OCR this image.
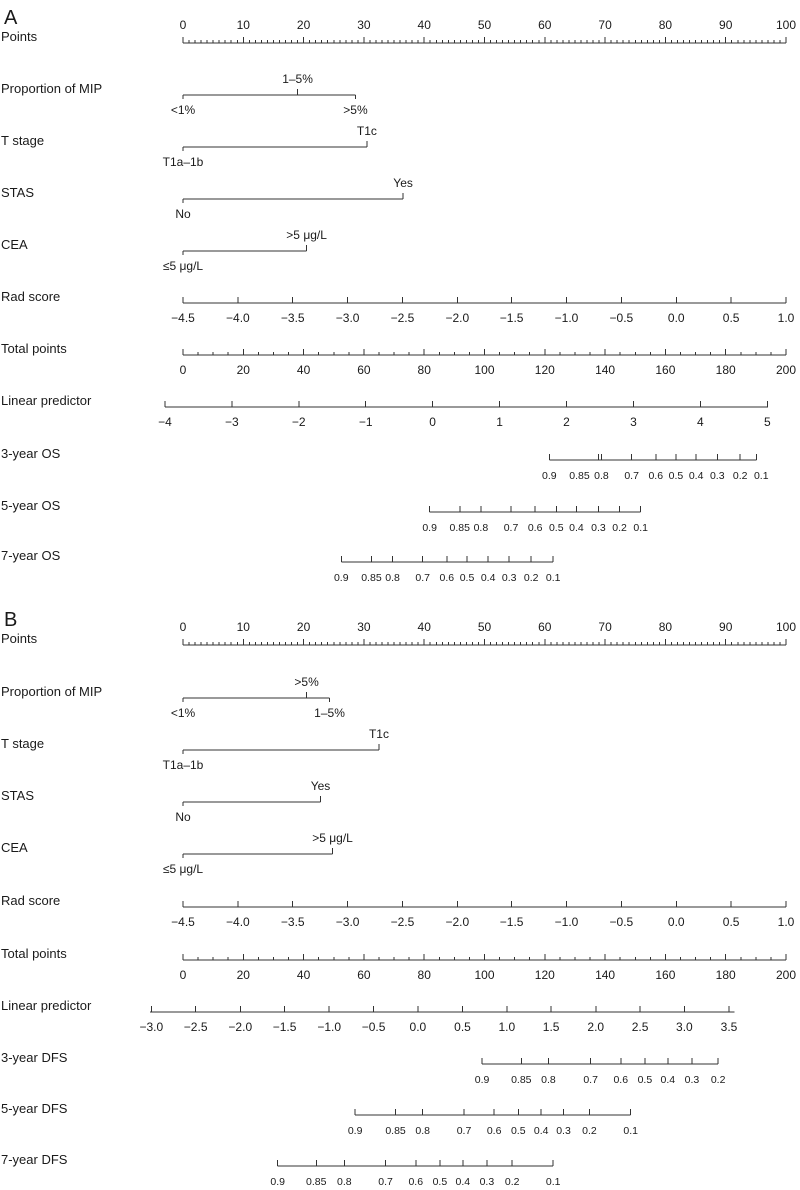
A
B
Points
0	10	20	30	40	50	60	70	80	90	100
Proportion of MIP
<1%
1–5%
>5%
T stage
T1a–1b
T1c
STAS
No
Yes
CEA
≤5 μg/L
>5 μg/L
Rad score
−4.5	−4.0	−3.5	−3.0	−2.5	−2.0	−1.5	−1.0	−0.5	0.0	0.5	1.0
Total points
0	20	40	60	80	100	120	140	160	180	200
Linear predictor
−4	−3	−2	−1	0	1	2	3	4	5
3-year OS
0.9 0.85 0.8 0.7 0.6 0.5 0.4 0.3 0.2 0.1
5-year OS
0.9 0.85 0.8 0.7 0.6 0.5 0.4 0.3 0.2 0.1
7-year OS
0.9 0.85 0.8 0.7 0.6 0.5 0.4 0.3 0.2 0.1
Points
0	10	20	30	40	50	60	70	80	90	100
Proportion of MIP
<1%
>5%
1–5%
T stage
T1a–1b
T1c
STAS
No
Yes
CEA
≤5 μg/L
>5 μg/L
Rad score
−4.5	−4.0	−3.5	−3.0	−2.5	−2.0	−1.5	−1.0	−0.5	0.0	0.5	1.0
Total points
0	20	40	60	80	100	120	140	160	180	200
Linear predictor
−3.0 −2.5 −2.0 −1.5 −1.0 −0.5 0.0 0.5 1.0 1.5 2.0 2.5 3.0 3.5
3-year DFS
0.9 0.85 0.8	0.7 0.6 0.5 0.4 0.3 0.2
5-year DFS
0.9 0.85 0.8	0.7 0.6 0.5 0.4 0.3 0.2	0.1
7-year DFS
0.9 0.85 0.8	0.7 0.6 0.5 0.4 0.3 0.2	0.1
